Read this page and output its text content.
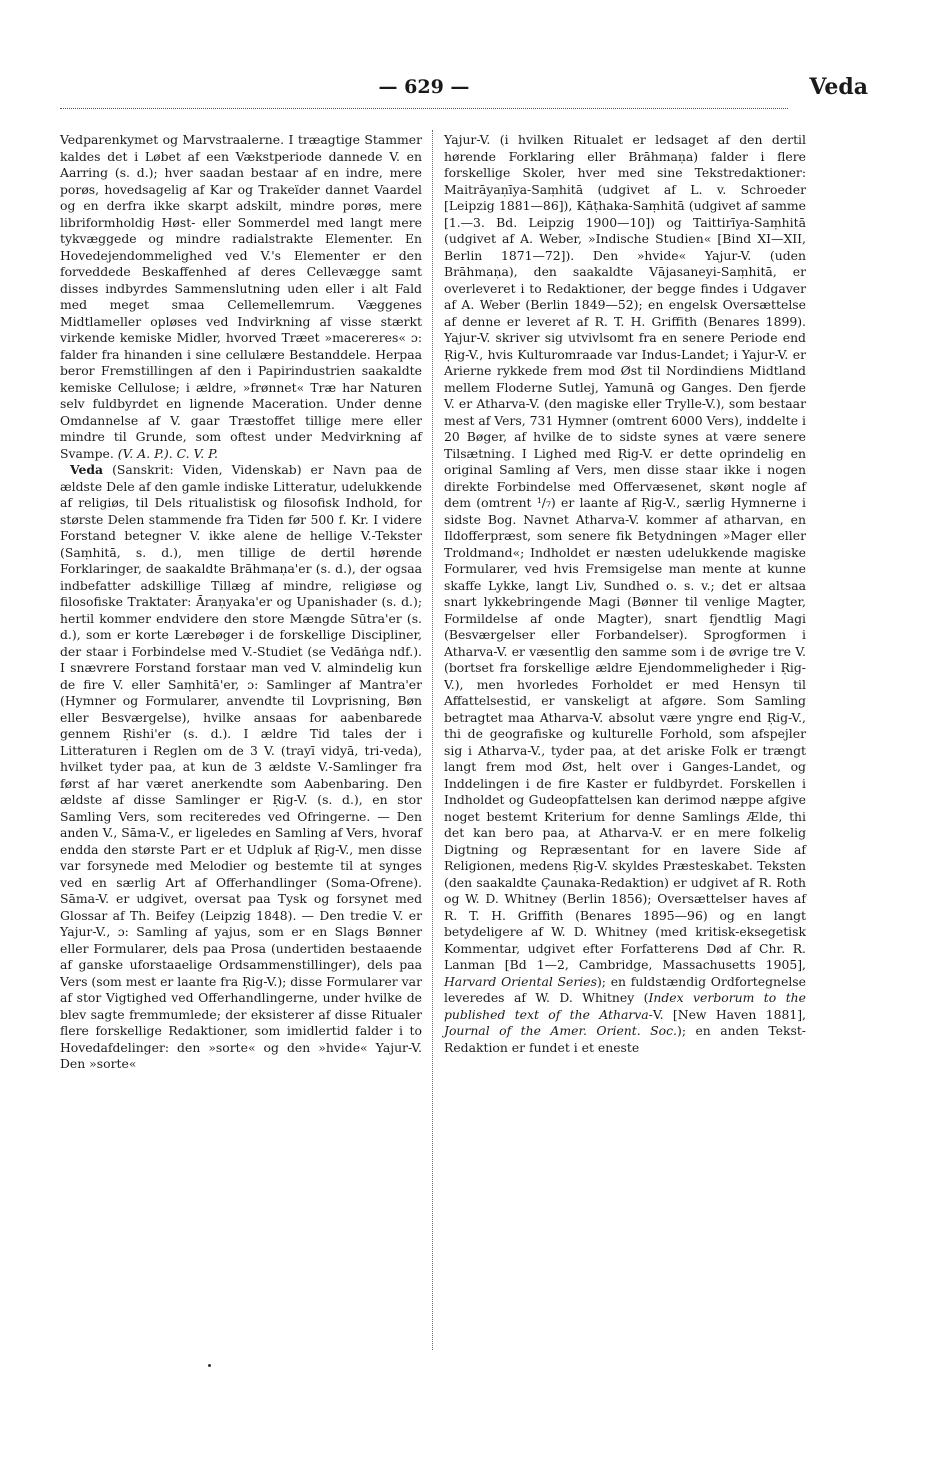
— 629 —	Veda

Vedparenkymet og Marvstraalerne. I træagtige Stammer kaldes det i Løbet af een Vækstperiode dannede V. en Aarring (s. d.); hver saadan bestaar af en indre, mere porøs, hovedsagelig af Kar og Trakeïder dannet Vaardel og en derfra ikke skarpt adskilt, mindre porøs, mere libriformholdig Høst- eller Sommerdel med langt mere tykvæggede og mindre radialstrakte Elementer. En Hovedejendommelighed ved V.'s Elementer er den forveddede Beskaffenhed af deres Cellevægge samt disses indbyrdes Sammenslutning uden eller i alt Fald med meget smaa Cellemellemrum. Væggenes Midtlameller opløses ved Indvirkning af visse stærkt virkende kemiske Midler, hvorved Træet »macereres« ɔ: falder fra hinanden i sine cellulære Bestanddele. Herpaa beror Fremstillingen af den i Papirindustrien saakaldte kemiske Cellulose; i ældre, »frønnet« Træ har Naturen selv fuldbyrdet en lignende Maceration. Under denne Omdannelse af V. gaar Træstoffet tillige mere eller mindre til Grunde, som oftest under Medvirkning af Svampe. (V. A. P.). C. V. P.

Veda (Sanskrit: Viden, Videnskab) er Navn paa de ældste Dele af den gamle indiske Litteratur, udelukkende af religiøs, til Dels ritualistisk og filosofisk Indhold, for største Delen stammende fra Tiden før 500 f. Kr. I videre Forstand betegner V. ikke alene de hellige V.-Tekster (Saṃhitā, s. d.), men tillige de dertil hørende Forklaringer, de saakaldte Brāhmaṇa'er (s. d.), der ogsaa indbefatter adskillige Tillæg af mindre, religiøse og filosofiske Traktater: Āraṇyaka'er og Upanishader (s. d.); hertil kommer endvidere den store Mængde Sūtra'er (s. d.), som er korte Lærebøger i de forskellige Discipliner, der staar i Forbindelse med V.-Studiet (se Vedāṅga ndf.). I snævrere Forstand forstaar man ved V. almindelig kun de fire V. eller Saṃhitā'er, ɔ: Samlinger af Mantra'er (Hymner og Formularer, anvendte til Lovprisning, Bøn eller Besværgelse), hvilke ansaas for aabenbarede gennem Ṛishi'er (s. d.). I ældre Tid tales der i Litteraturen i Reglen om de 3 V. (trayī vidyā, tri-veda), hvilket tyder paa, at kun de 3 ældste V.-Samlinger fra først af har været anerkendte som Aabenbaring. Den ældste af disse Samlinger er Ṛig-V. (s. d.), en stor Samling Vers, som reciteredes ved Ofringerne. — Den anden V., Sāma-V., er ligeledes en Samling af Vers, hvoraf endda den største Part er et Udpluk af Ṛig-V., men disse var forsynede med Melodier og bestemte til at synges ved en særlig Art af Offerhandlinger (Soma-Ofrene). Sāma-V. er udgivet, oversat paa Tysk og forsynet med Glossar af Th. Beifey (Leipzig 1848). — Den tredie V. er Yajur-V., ɔ: Samling af yajus, som er en Slags Bønner eller Formularer, dels paa Prosa (undertiden bestaaende af ganske uforstaaelige Ordsammenstillinger), dels paa Vers (som mest er laante fra Ṛig-V.); disse Formularer var af stor Vigtighed ved Offerhandlingerne, under hvilke de blev sagte fremmumlede; der eksisterer af disse Ritualer flere forskellige Redaktioner, som imidlertid falder i to Hovedafdelinger: den »sorte« og den »hvide« Yajur-V. Den »sorte«

Yajur-V. (i hvilken Ritualet er ledsaget af den dertil hørende Forklaring eller Brāhmaṇa) falder i flere forskellige Skoler, hver med sine Tekstredaktioner: Maitrāyaṇīya-Saṃhitā (udgivet af L. v. Schroeder [Leipzig 1881—86]), Kāṭhaka-Saṃhitā (udgivet af samme [1.—3. Bd. Leipzig 1900—10]) og Taittirīya-Saṃhitā (udgivet af A. Weber, »Indische Studien« [Bind XI—XII, Berlin 1871—72]). Den »hvide« Yajur-V. (uden Brāhmaṇa), den saakaldte Vājasaneyi-Saṃhitā, er overleveret i to Redaktioner, der begge findes i Udgaver af A. Weber (Berlin 1849—52); en engelsk Oversættelse af denne er leveret af R. T. H. Griffith (Benares 1899). Yajur-V. skriver sig utvivlsomt fra en senere Periode end Ṛig-V., hvis Kulturomraade var Indus-Landet; i Yajur-V. er Arierne rykkede frem mod Øst til Nordindiens Midtland mellem Floderne Sutlej, Yamunā og Ganges. Den fjerde V. er Atharva-V. (den magiske eller Trylle-V.), som bestaar mest af Vers, 731 Hymner (omtrent 6000 Vers), inddelte i 20 Bøger, af hvilke de to sidste synes at være senere Tilsætning. I Lighed med Ṛig-V. er dette oprindelig en original Samling af Vers, men disse staar ikke i nogen direkte Forbindelse med Offervæsenet, skønt nogle af dem (omtrent ¹/₇) er laante af Ṛig-V., særlig Hymnerne i sidste Bog. Navnet Atharva-V. kommer af atharvan, en Ildofferpræst, som senere fik Betydningen »Mager eller Troldmand«; Indholdet er næsten udelukkende magiske Formularer, ved hvis Fremsigelse man mente at kunne skaffe Lykke, langt Liv, Sundhed o. s. v.; det er altsaa snart lykkebringende Magi (Bønner til venlige Magter, Formildelse af onde Magter), snart fjendtlig Magi (Besværgelser eller Forbandelser). Sprogformen i Atharva-V. er væsentlig den samme som i de øvrige tre V. (bortset fra forskellige ældre Ejendommeligheder i Ṛig-V.), men hvorledes Forholdet er med Hensyn til Affattelsestid, er vanskeligt at afgøre. Som Samling betragtet maa Atharva-V. absolut være yngre end Ṛig-V., thi de geografiske og kulturelle Forhold, som afspejler sig i Atharva-V., tyder paa, at det ariske Folk er trængt langt frem mod Øst, helt over i Ganges-Landet, og Inddelingen i de fire Kaster er fuldbyrdet. Forskellen i Indholdet og Gudeopfattelsen kan derimod næppe afgive noget bestemt Kriterium for denne Samlings Ælde, thi det kan bero paa, at Atharva-V. er en mere folkelig Digtning og Repræsentant for en lavere Side af Religionen, medens Ṛig-V. skyldes Præsteskabet. Teksten (den saakaldte Çaunaka-Redaktion) er udgivet af R. Roth og W. D. Whitney (Berlin 1856); Oversættelser haves af R. T. H. Griffith (Benares 1895—96) og en langt betydeligere af W. D. Whitney (med kritisk-eksegetisk Kommentar, udgivet efter Forfatterens Død af Chr. R. Lanman [Bd 1—2, Cambridge, Massachusetts 1905], Harvard Oriental Series); en fuldstændig Ordfortegnelse leveredes af W. D. Whitney (Index verborum to the published text of the Atharva-V. [New Haven 1881], Journal of the Amer. Orient. Soc.); en anden Tekst-Redaktion er fundet i et eneste
